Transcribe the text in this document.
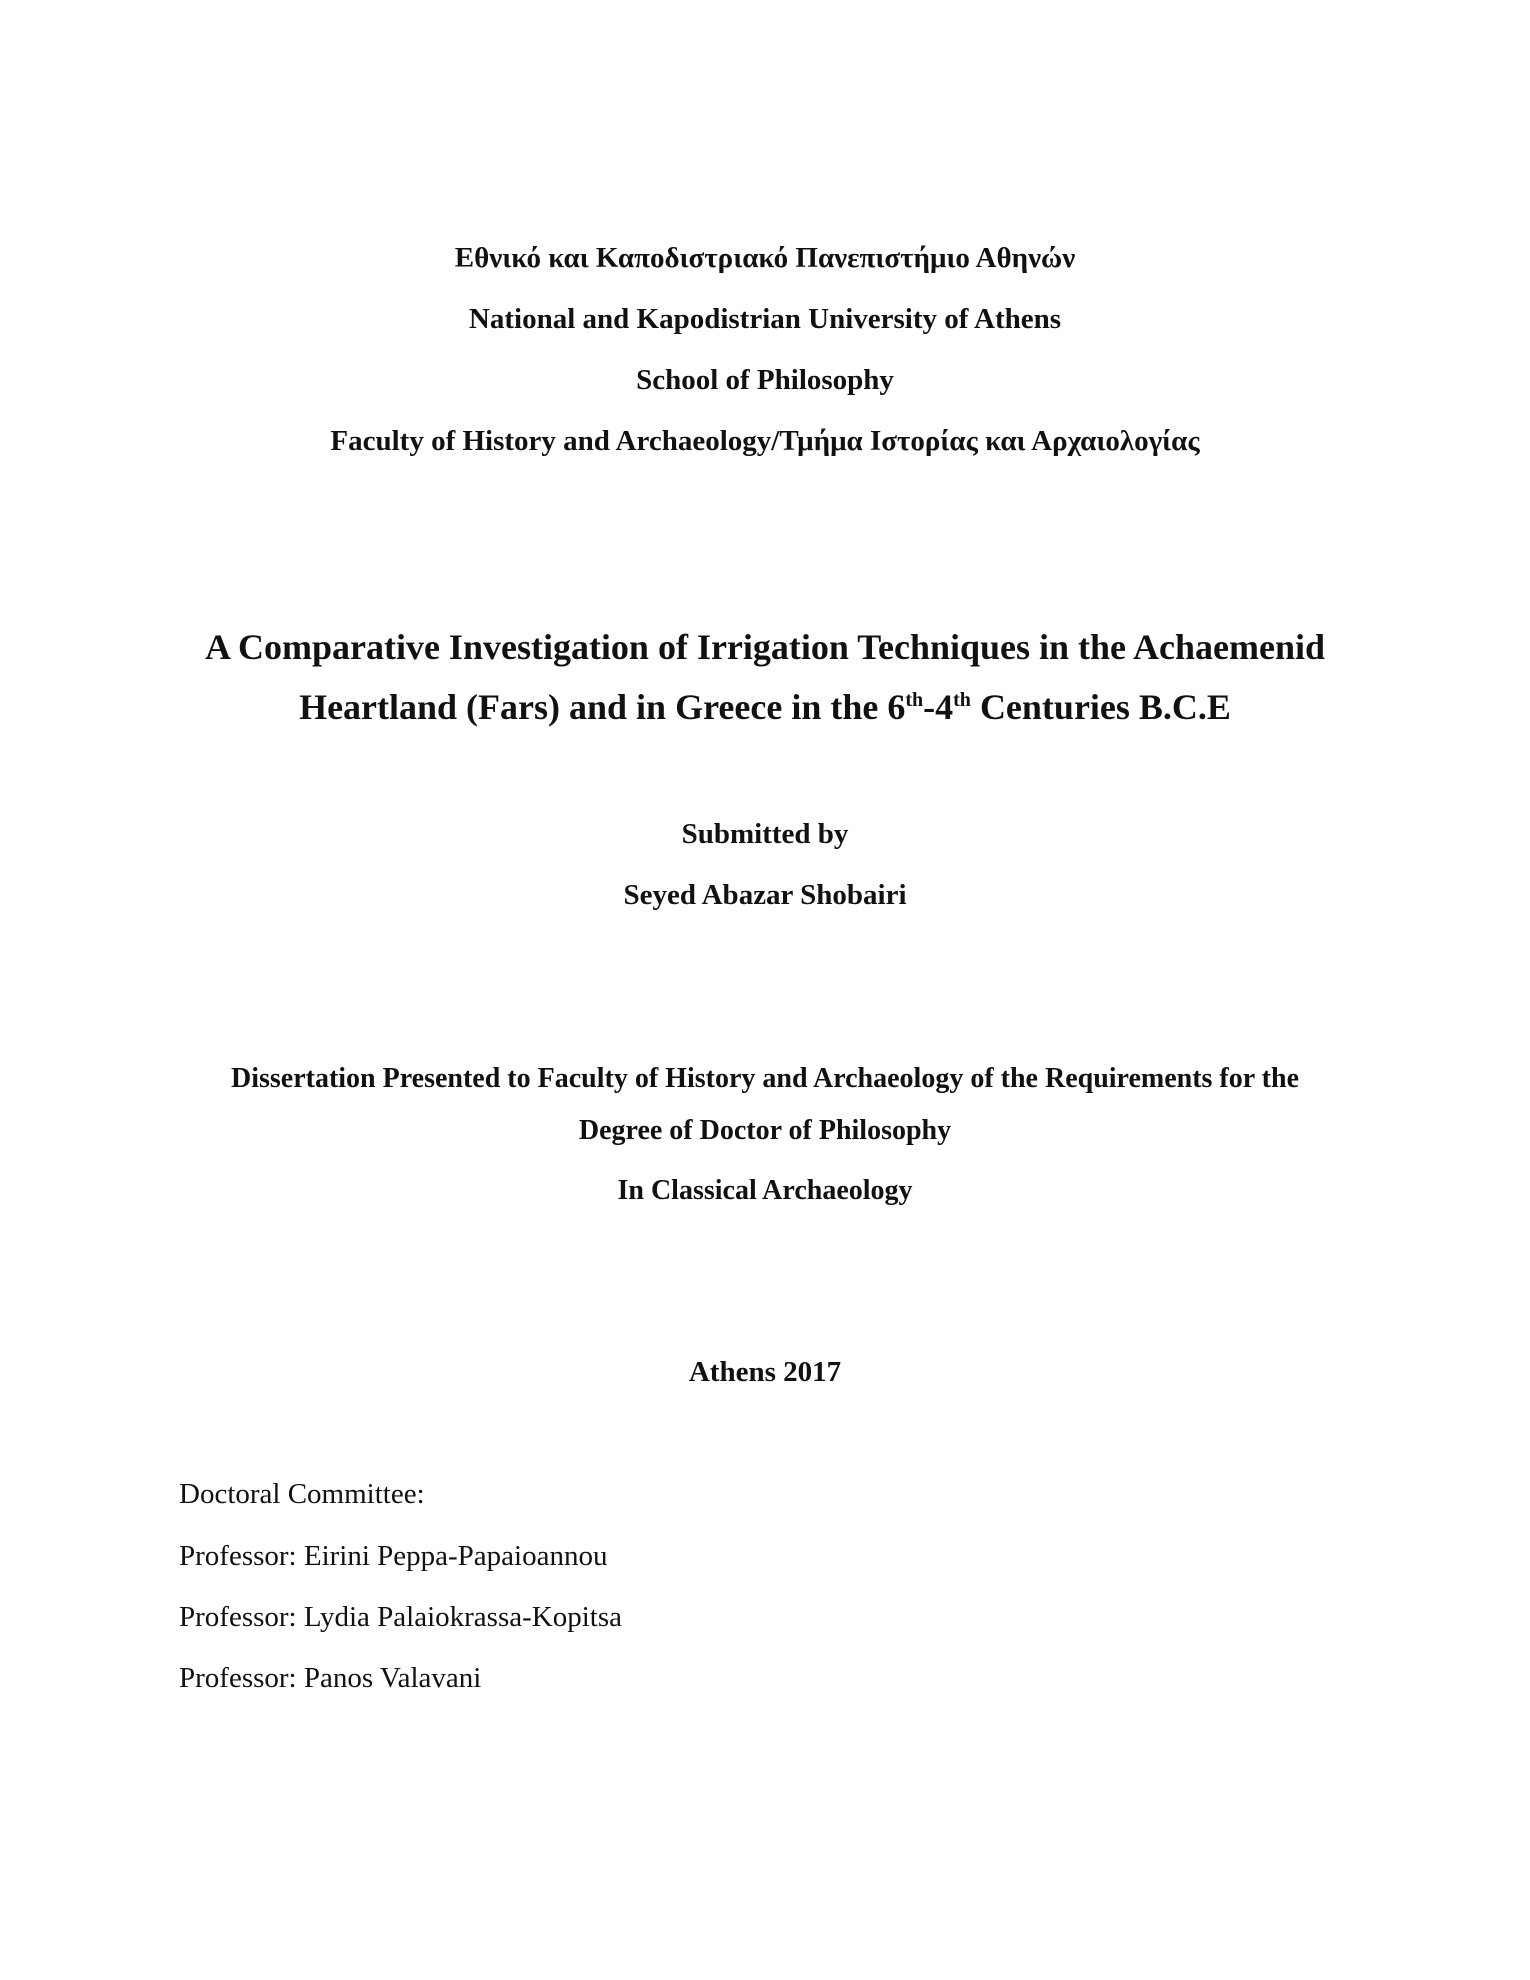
Εθνικό και Καποδιστριακό Πανεπιστήμιο Αθηνών
National and Kapodistrian University of Athens
School of Philosophy
Faculty of History and Archaeology/Τμήμα Ιστορίας και Αρχαιολογίας
A Comparative Investigation of Irrigation Techniques in the Achaemenid
Heartland (Fars) and in Greece in the 6th-4th Centuries B.C.E
Submitted by
Seyed Abazar Shobairi
Dissertation Presented to Faculty of History and Archaeology of the Requirements for the
Degree of Doctor of Philosophy
In Classical Archaeology
Athens 2017
Doctoral Committee:
Professor: Eirini Peppa-Papaioannou
Professor: Lydia Palaiokrassa-Kopitsa
Professor: Panos Valavani
